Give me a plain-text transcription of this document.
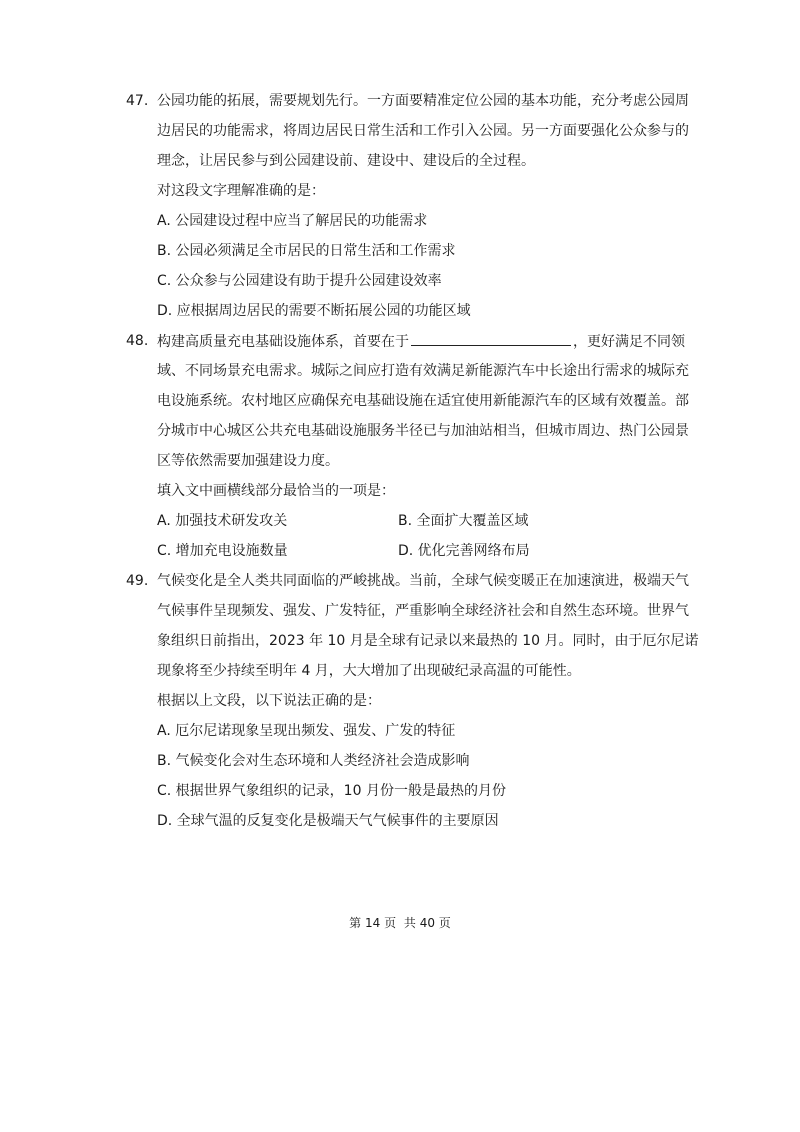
47. 公园功能的拓展，需要规划先行。一方面要精准定位公园的基本功能，充分考虑公园周
边居民的功能需求，将周边居民日常生活和工作引入公园。另一方面要强化公众参与的
理念，让居民参与到公园建设前、建设中、建设后的全过程。
对这段文字理解准确的是：
A. 公园建设过程中应当了解居民的功能需求
B. 公园必须满足全市居民的日常生活和工作需求
C. 公众参与公园建设有助于提升公园建设效率
D. 应根据周边居民的需要不断拓展公园的功能区域
48. 构建高质量充电基础设施体系，首要在于	，更好满足不同领
域、不同场景充电需求。城际之间应打造有效满足新能源汽车中长途出行需求的城际充
电设施系统。农村地区应确保充电基础设施在适宜使用新能源汽车的区域有效覆盖。部
分城市中心城区公共充电基础设施服务半径已与加油站相当，但城市周边、热门公园景
区等依然需要加强建设力度。
填入文中画横线部分最恰当的一项是：
A. 加强技术研发攻关	B. 全面扩大覆盖区域
C. 增加充电设施数量	D. 优化完善网络布局
49. 气候变化是全人类共同面临的严峻挑战。当前，全球气候变暖正在加速演进，极端天气
气候事件呈现频发、强发、广发特征，严重影响全球经济社会和自然生态环境。世界气
象组织日前指出，2023 年 10 月是全球有记录以来最热的 10 月。同时，由于厄尔尼诺
现象将至少持续至明年 4 月，大大增加了出现破纪录高温的可能性。
根据以上文段，以下说法正确的是：
A. 厄尔尼诺现象呈现出频发、强发、广发的特征
B. 气候变化会对生态环境和人类经济社会造成影响
C. 根据世界气象组织的记录，10 月份一般是最热的月份
D. 全球气温的反复变化是极端天气气候事件的主要原因
第 14 页 共 40 页
